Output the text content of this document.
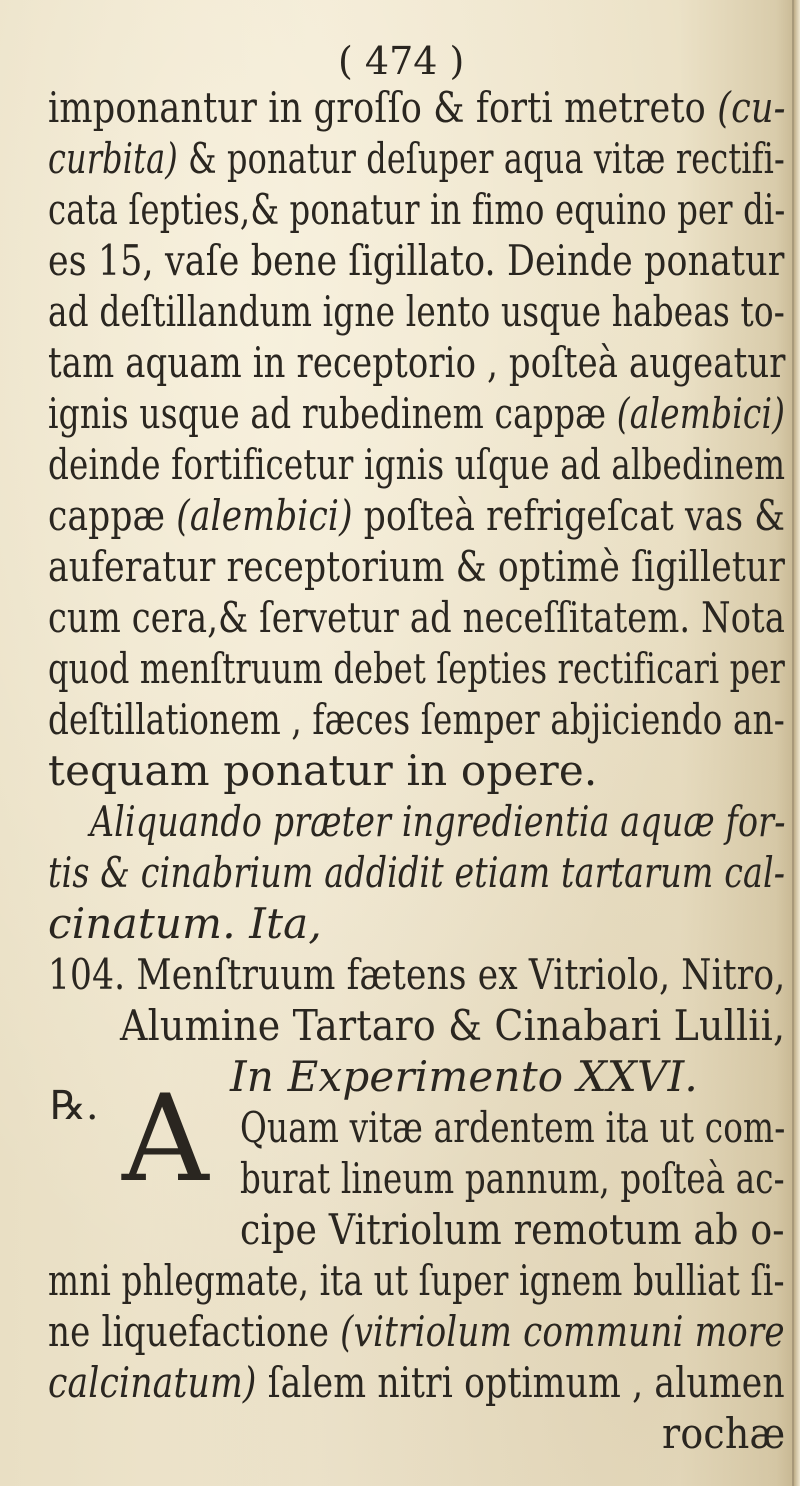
( 474 )
℞. A
imponantur in groſſo & forti metreto (cu-
curbita) & ponatur deſuper aqua vitæ rectifi-
cata ſepties,& ponatur in fimo equino per di-
es 15, vaſe bene ſigillato. Deinde ponatur
ad deſtillandum igne lento usque habeas to-
tam aquam in receptorio , poſteà augeatur
ignis usque ad rubedinem cappæ (alembici)
deinde fortificetur ignis uſque ad albedinem
cappæ (alembici) poſteà refrigeſcat vas &
auferatur receptorium & optimè ſigilletur
cum cera,& ſervetur ad neceſſitatem. Nota
quod menſtruum debet ſepties rectificari per
deſtillationem , fæces ſemper abjiciendo an-
tequam ponatur in opere.
Aliquando præter ingredientia aquæ for-
tis & cinabrium addidit etiam tartarum cal-
cinatum. Ita,
104. Menſtruum fætens ex Vitriolo, Nitro,
Alumine Tartaro & Cinabari Lullii,
In Experimento XXVI.
Quam vitæ ardentem ita ut com-
burat lineum pannum, poſteà ac-
cipe Vitriolum remotum ab o-
mni phlegmate, ita ut ſuper ignem bulliat ſi-
ne liquefactione (vitriolum communi more
calcinatum) ſalem nitri optimum , alumen
rochæ
